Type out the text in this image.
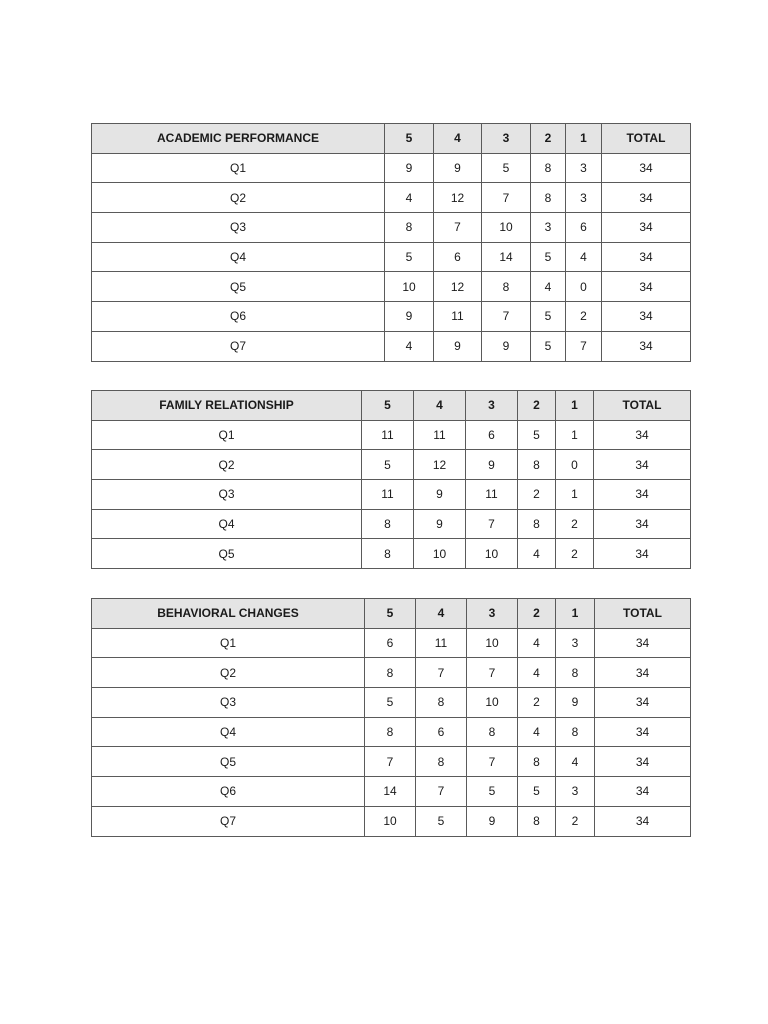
ACADEMIC PERFORMANCE	5	4	3	2	1	TOTAL
Q1	9	9	5	8	3	34
Q2	4	12	7	8	3	34
Q3	8	7	10	3	6	34
Q4	5	6	14	5	4	34
Q5	10	12	8	4	0	34
Q6	9	11	7	5	2	34
Q7	4	9	9	5	7	34
FAMILY RELATIONSHIP	5	4	3	2	1	TOTAL
Q1	11	11	6	5	1	34
Q2	5	12	9	8	0	34
Q3	11	9	11	2	1	34
Q4	8	9	7	8	2	34
Q5	8	10	10	4	2	34
BEHAVIORAL CHANGES	5	4	3	2	1	TOTAL
Q1	6	11	10	4	3	34
Q2	8	7	7	4	8	34
Q3	5	8	10	2	9	34
Q4	8	6	8	4	8	34
Q5	7	8	7	8	4	34
Q6	14	7	5	5	3	34
Q7	10	5	9	8	2	34
